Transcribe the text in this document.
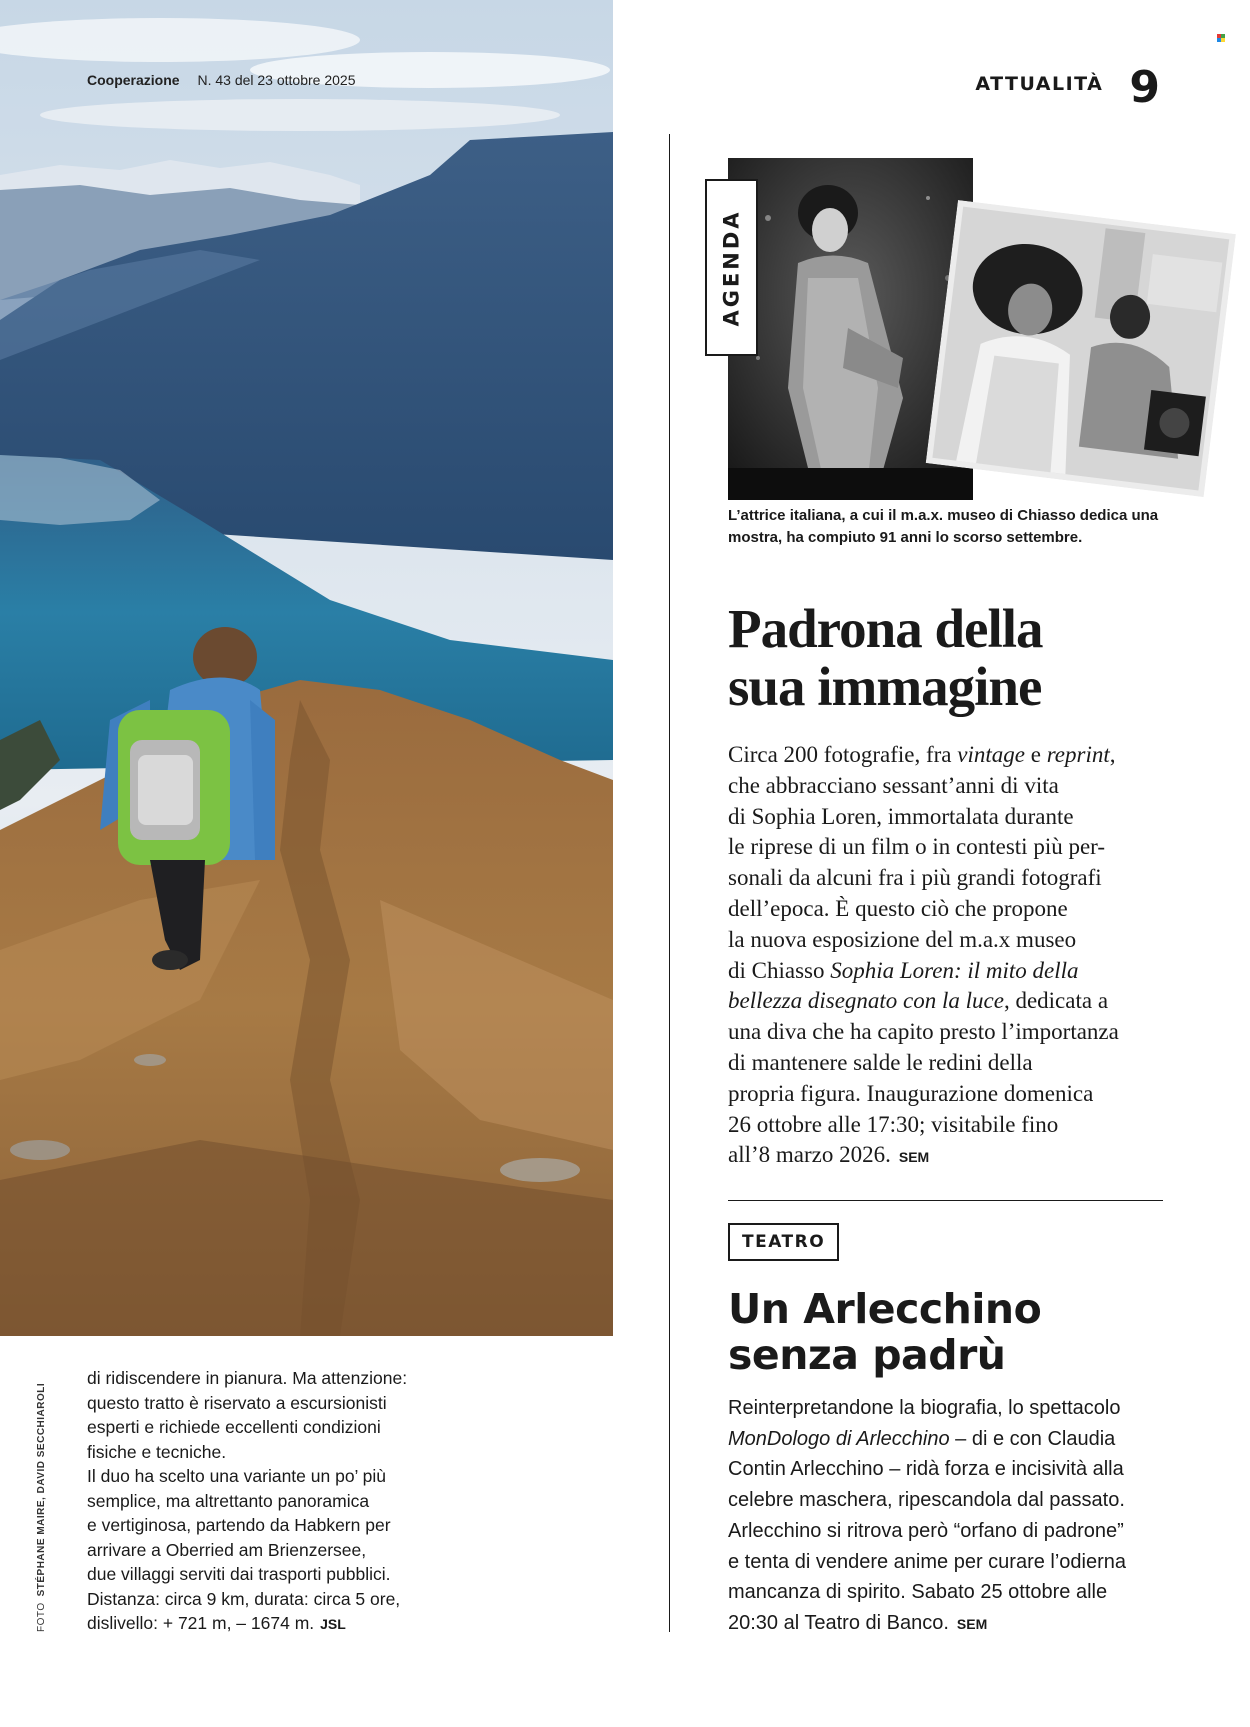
Cooperazione N. 43 del 23 ottobre 2025	ATTUALITÀ 9

di ridiscendere in pianura. Ma attenzione:

questo tratto è riservato a escursionisti

esperti e richiede eccellenti condizioni

fisiche e tecniche.

Il duo ha scelto una variante un po’ più

semplice, ma altrettanto panoramica

e vertiginosa, partendo da Habkern per

arrivare a Oberried am Brienzersee,

due villaggi serviti dai trasporti pubblici.

Distanza: circa 9 km, durata: circa 5 ore,

dislivello: + 721 m, – 1674 m. JSL

FOTOSTÉPHANE MAIRE, DAVID SECCHIAROLI
AGENDA
L’attrice italiana, a cui il m.a.x. museo di Chiasso dedica una mostra, ha compiuto 91 anni lo scorso settembre.
Padrona della
sua immagine
Circa 200 fotografie, fra vintage e reprint,
che abbracciano sessant’anni di vita
di Sophia Loren, immortalata durante
le riprese di un film o in contesti più per-
sonali da alcuni fra i più grandi fotografi
dell’epoca. È questo ciò che propone
la nuova esposizione del m.a.x museo
di Chiasso Sophia Loren: il mito della
bellezza disegnato con la luce, dedicata a
una diva che ha capito presto l’importanza
di mantenere salde le redini della
propria figura. Inaugurazione domenica
26 ottobre alle 17:30; visitabile fino
all’8 marzo 2026. SEM
TEATRO
Un Arlecchino
senza padrù
Reinterpretandone la biografia, lo spettacolo
MonDologo di Arlecchino – di e con Claudia
Contin Arlecchino – ridà forza e incisività alla
celebre maschera, ripescandola dal passato.
Arlecchino si ritrova però “orfano di padrone”
e tenta di vendere anime per curare l’odierna
mancanza di spirito. Sabato 25 ottobre alle
20:30 al Teatro di Banco. SEM
